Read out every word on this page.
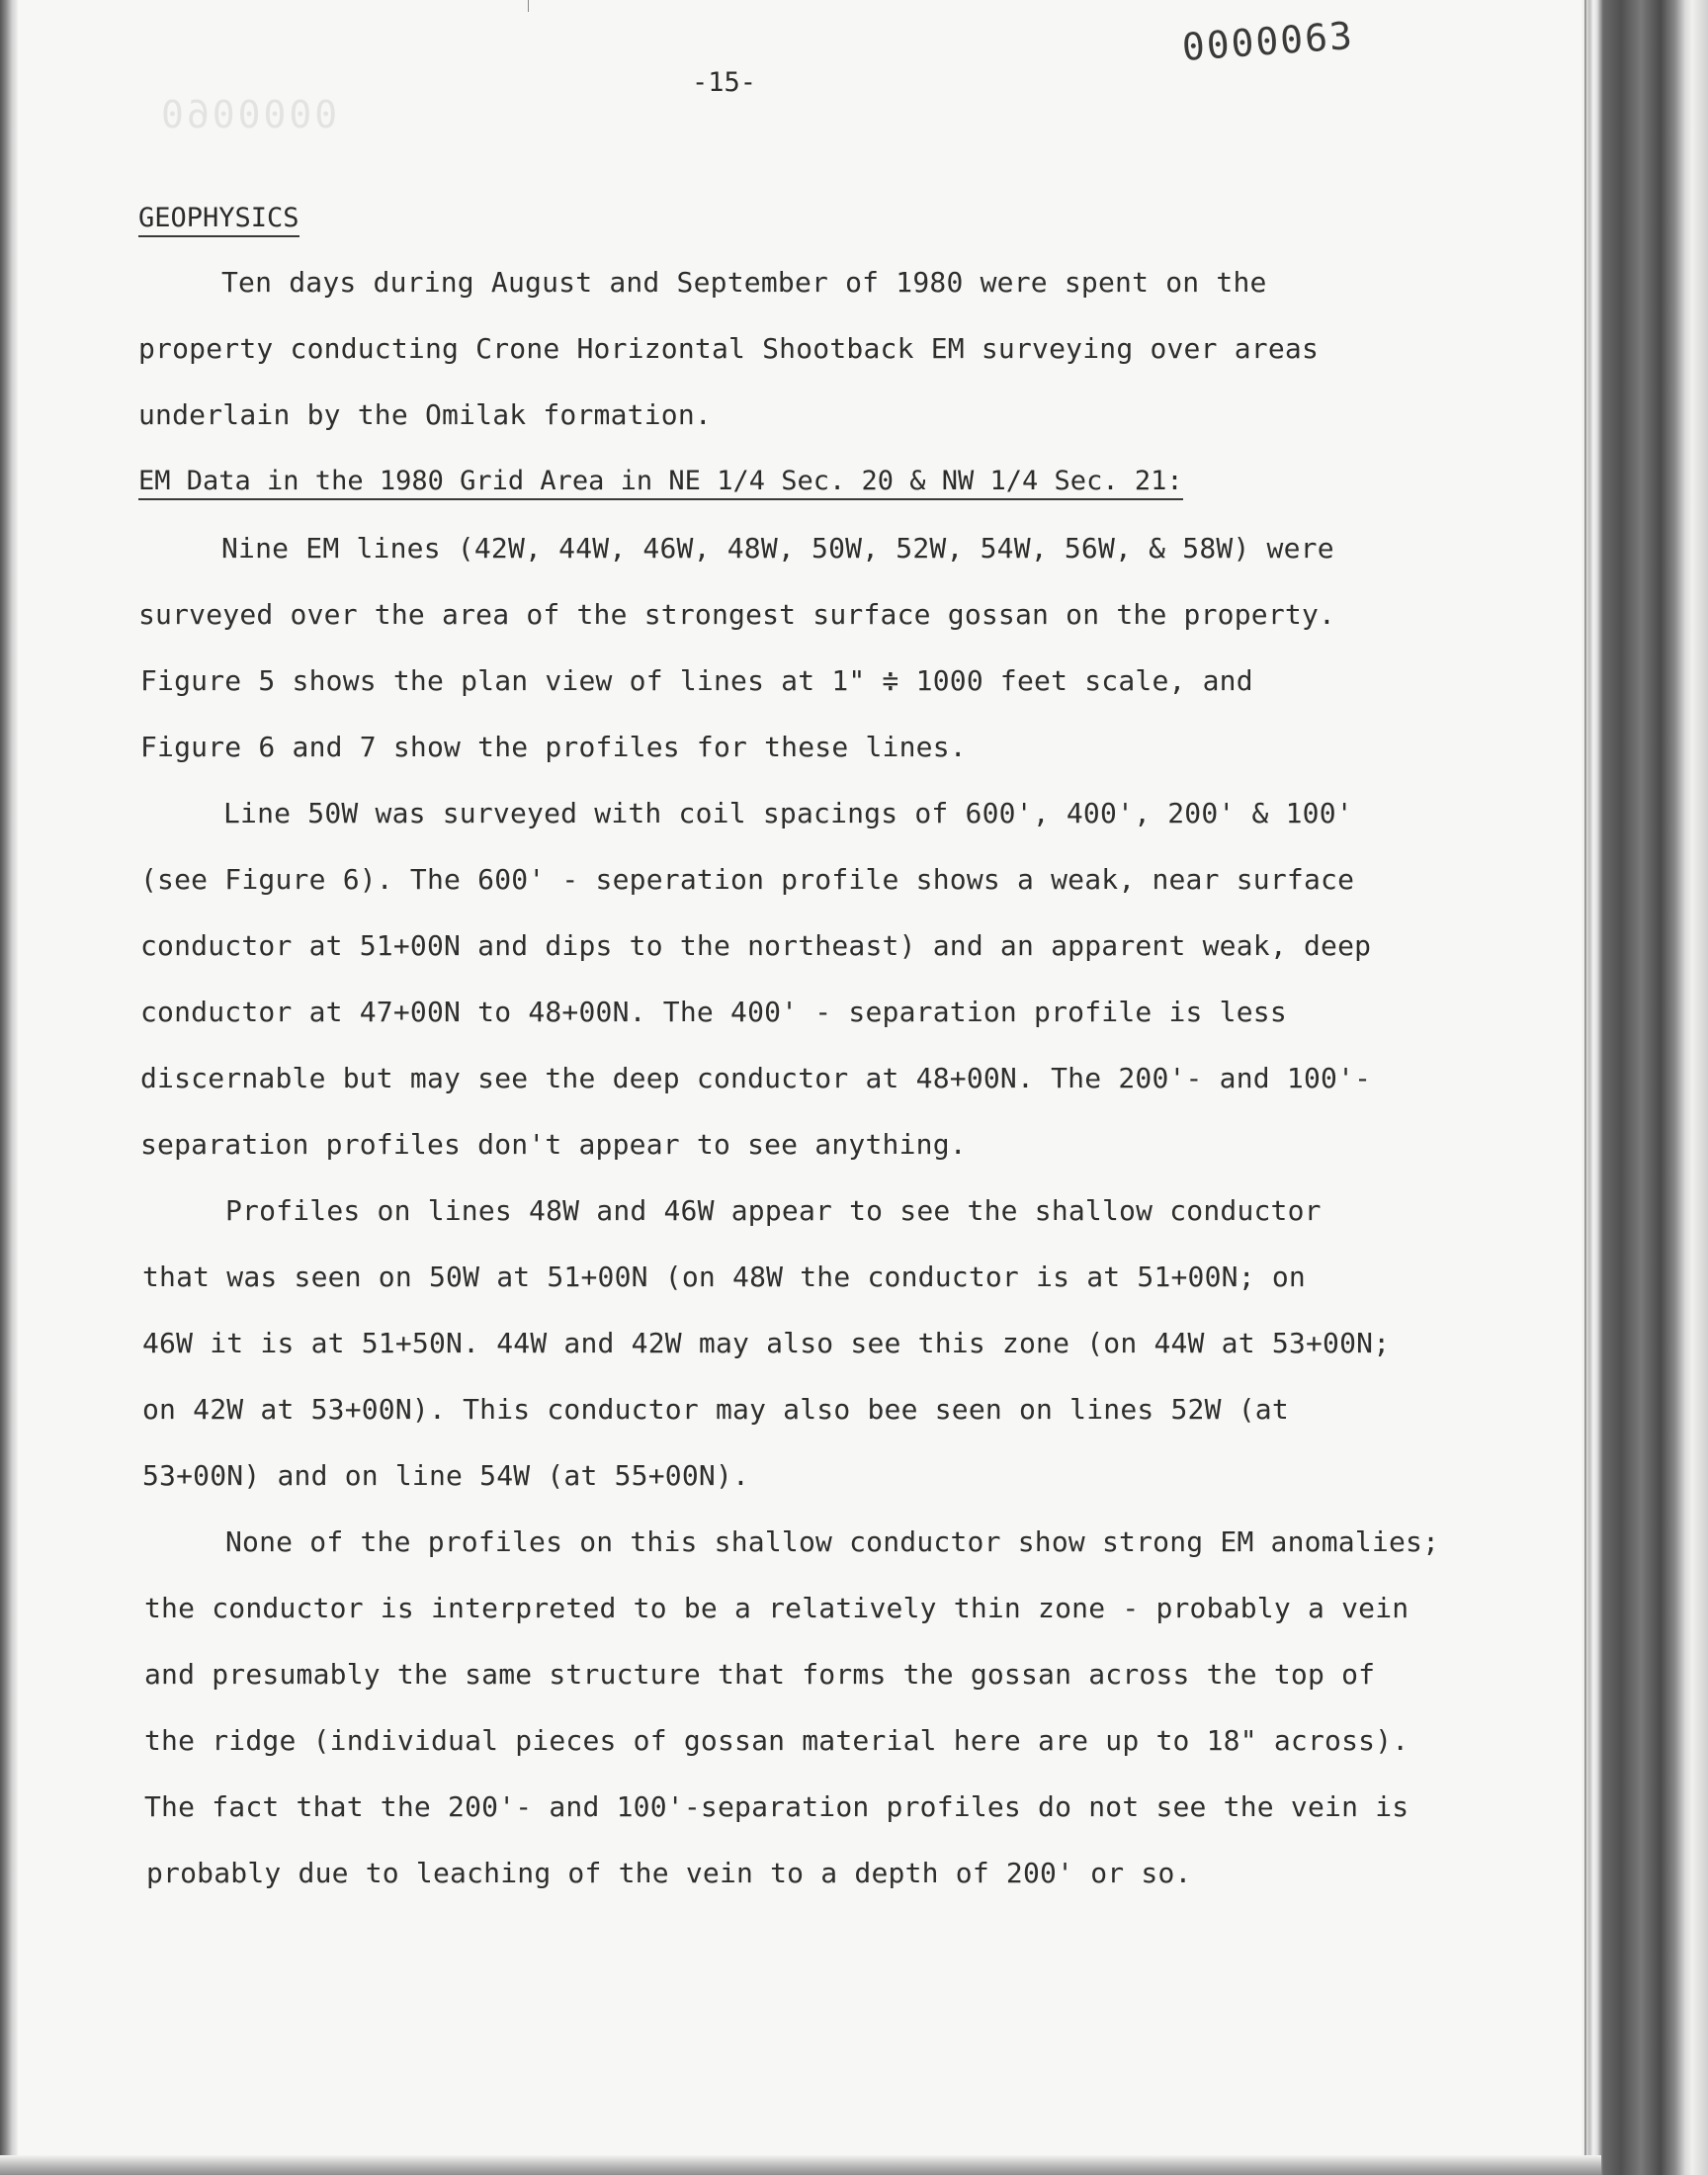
0000060
-15-
0000063
GEOPHYSICS
Ten days during August and September of 1980 were spent on the
property conducting Crone Horizontal Shootback EM surveying over areas
underlain by the Omilak formation.
EM Data in the 1980 Grid Area in NE 1/4 Sec. 20 & NW 1/4 Sec. 21:
Nine EM lines (42W, 44W, 46W, 48W, 50W, 52W, 54W, 56W, & 58W) were
surveyed over the area of the strongest surface gossan on the property.
Figure 5 shows the plan view of lines at 1" ≑ 1000 feet scale, and
Figure 6 and 7 show the profiles for these lines.
Line 50W was surveyed with coil spacings of 600', 400', 200' & 100'
(see Figure 6). The 600' - seperation profile shows a weak, near surface
conductor at 51+00N and dips to the northeast) and an apparent weak, deep
conductor at 47+00N to 48+00N. The 400' - separation profile is less
discernable but may see the deep conductor at 48+00N. The 200'- and 100'-
separation profiles don't appear to see anything.
Profiles on lines 48W and 46W appear to see the shallow conductor
that was seen on 50W at 51+00N (on 48W the conductor is at 51+00N; on
46W it is at 51+50N. 44W and 42W may also see this zone (on 44W at 53+00N;
on 42W at 53+00N). This conductor may also bee seen on lines 52W (at
53+00N) and on line 54W (at 55+00N).
None of the profiles on this shallow conductor show strong EM anomalies;
the conductor is interpreted to be a relatively thin zone - probably a vein
and presumably the same structure that forms the gossan across the top of
the ridge (individual pieces of gossan material here are up to 18" across).
The fact that the 200'- and 100'-separation profiles do not see the vein is
probably due to leaching of the vein to a depth of 200' or so.
